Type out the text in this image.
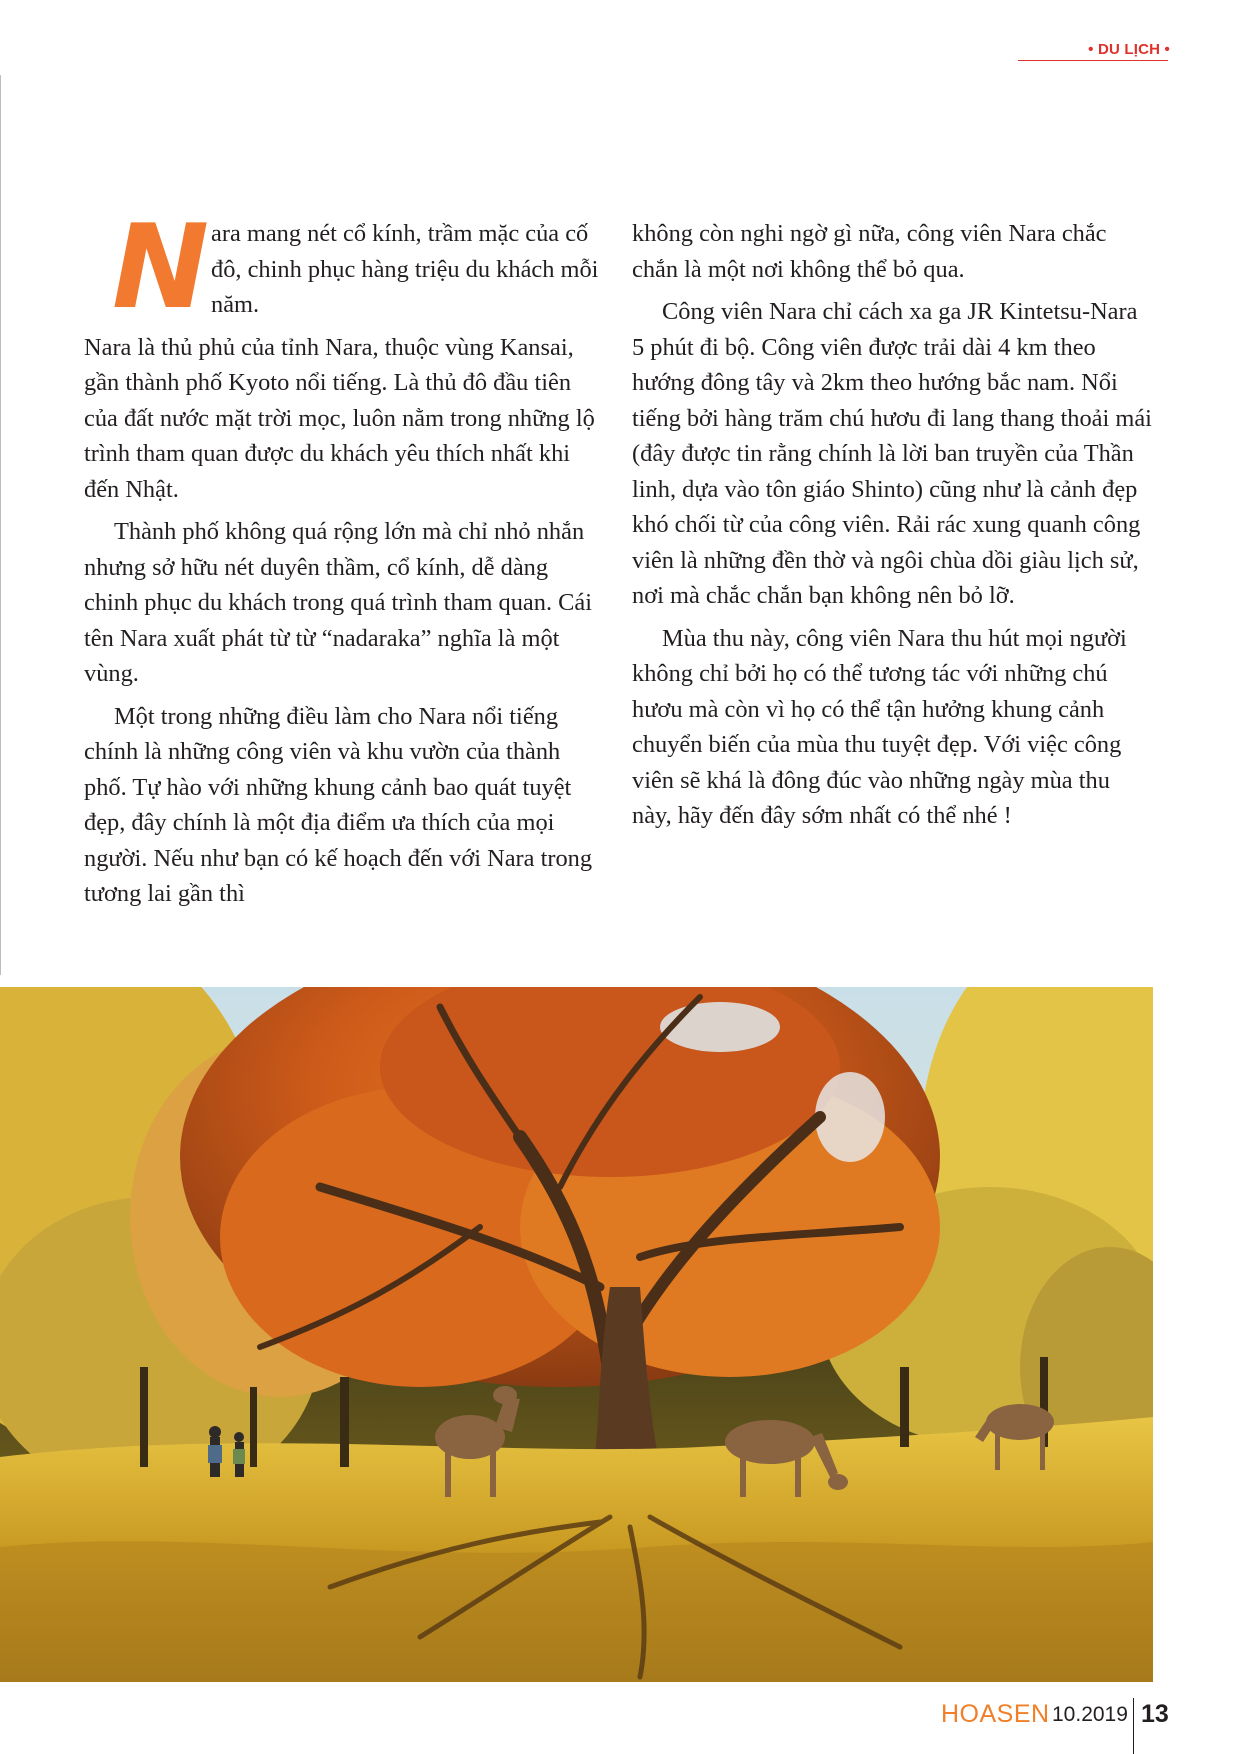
• DU LỊCH •

Nara mang nét cổ kính, trầm mặc của cố đô, chinh phục hàng triệu du khách mỗi năm.

Nara là thủ phủ của tỉnh Nara, thuộc vùng Kansai, gần thành phố Kyoto nổi tiếng. Là thủ đô đầu tiên của đất nước mặt trời mọc, luôn nằm trong những lộ trình tham quan được du khách yêu thích nhất khi đến Nhật.

Thành phố không quá rộng lớn mà chỉ nhỏ nhắn nhưng sở hữu nét duyên thầm, cổ kính, dễ dàng chinh phục du khách trong quá trình tham quan. Cái tên Nara xuất phát từ từ “nadaraka” nghĩa là một vùng.

Một trong những điều làm cho Nara nổi tiếng chính là những công viên và khu vườn của thành phố. Tự hào với những khung cảnh bao quát tuyệt đẹp, đây chính là một địa điểm ưa thích của mọi người. Nếu như bạn có kế hoạch đến với Nara trong tương lai gần thì

không còn nghi ngờ gì nữa, công viên Nara chắc chắn là một nơi không thể bỏ qua.

Công viên Nara chỉ cách xa ga JR Kintetsu-Nara 5 phút đi bộ. Công viên được trải dài 4 km theo hướng đông tây và 2km theo hướng bắc nam. Nổi tiếng bởi hàng trăm chú hươu đi lang thang thoải mái (đây được tin rằng chính là lời ban truyền của Thần linh, dựa vào tôn giáo Shinto) cũng như là cảnh đẹp khó chối từ của công viên. Rải rác xung quanh công viên là những đền thờ và ngôi chùa dồi giàu lịch sử, nơi mà chắc chắn bạn không nên bỏ lỡ.

Mùa thu này, công viên Nara thu hút mọi người không chỉ bởi họ có thể tương tác với những chú hươu mà còn vì họ có thể tận hưởng khung cảnh chuyển biến của mùa thu tuyệt đẹp. Với việc công viên sẽ khá là đông đúc vào những ngày mùa thu này, hãy đến đây sớm nhất có thể nhé !

HOASEN 10.2019 13
